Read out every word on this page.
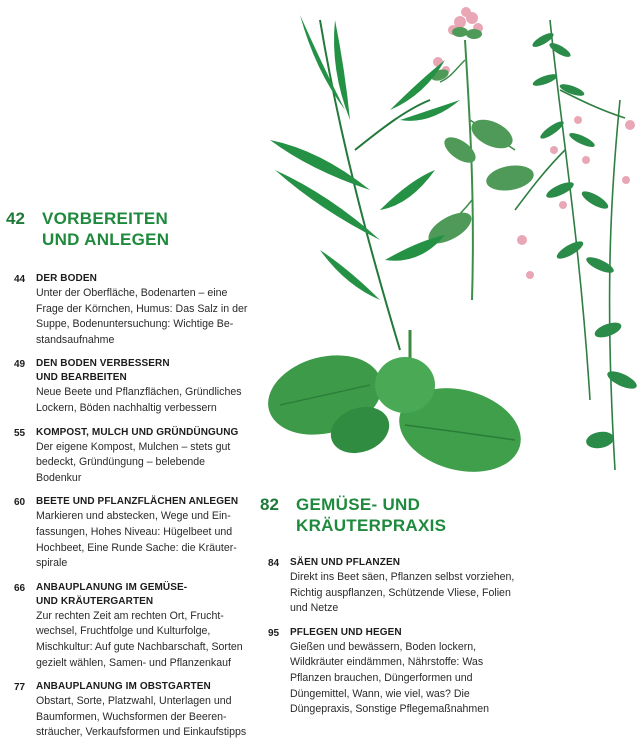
42	VORBEREITEN
UND ANLEGEN
44	DER BODEN
Unter der Oberfläche, Bodenarten – eine Frage der Körnchen, Humus: Das Salz in der Suppe, Bodenuntersuchung: Wichtige Bestandsaufnahme
49	DEN BODEN VERBESSERN UND BEARBEITEN
Neue Beete und Pflanzflächen, Gründliches Lockern, Böden nachhaltig verbessern
55	KOMPOST, MULCH UND GRÜNDÜNGUNG
Der eigene Kompost, Mulchen – stets gut bedeckt, Gründüngung – belebende Bodenkur
60	BEETE UND PFLANZFLÄCHEN ANLEGEN
Markieren und abstecken, Wege und Einfassungen, Hohes Niveau: Hügelbeet und Hochbeet, Eine Runde Sache: die Kräuterspirale
66	ANBAUPLANUNG IM GEMÜSE- UND KRÄUTERGARTEN
Zur rechten Zeit am rechten Ort, Fruchtwechsel, Fruchtfolge und Kulturfolge, Mischkultur: Auf gute Nachbarschaft, Sorten gezielt wählen, Samen- und Pflanzenkauf
77	ANBAUPLANUNG IM OBSTGARTEN
Obstart, Sorte, Platzwahl, Unterlagen und Baumformen, Wuchsformen der Beerensträucher, Verkaufsformen und Einkaufstipps
82	GEMÜSE- UND
KRÄUTERPRAXIS
84	SÄEN UND PFLANZEN
Direkt ins Beet säen, Pflanzen selbst vorziehen, Richtig auspflanzen, Schützende Vliese, Folien und Netze
95	PFLEGEN UND HEGEN
Gießen und bewässern, Boden lockern, Wildkräuter eindämmen, Nährstoffe: Was Pflanzen brauchen, Düngerformen und Düngemittel, Wann, wie viel, was? Die Düngepraxis, Sonstige Pflegemaßnahmen
